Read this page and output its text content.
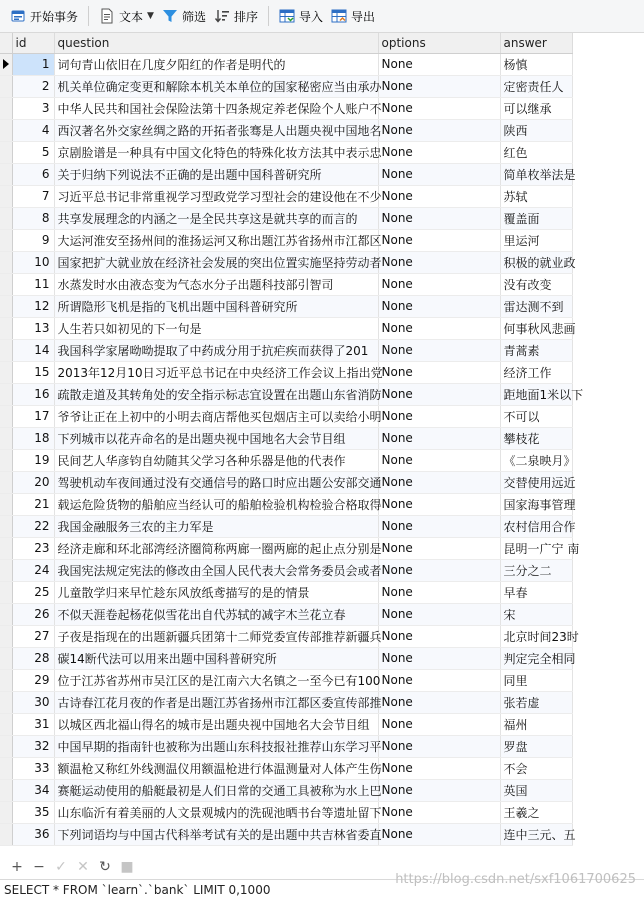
开始事务	文本 ▼ 筛选 排序	导入 导出
	id	question	options	answer

	1	词句青山依旧在几度夕阳红的作者是明代的	None	杨慎
	2	机关单位确定变更和解除本机关本单位的国家秘密应当由承办	None	定密责任人
	3	中华人民共和国社会保险法第十四条规定养老保险个人账户不	None	可以继承
	4	西汉著名外交家丝绸之路的开拓者张骞是人出题央视中国地名	None	陕西
	5	京剧脸谱是一种具有中国文化特色的特殊化妆方法其中表示忠	None	红色
	6	关于归纳下列说法不正确的是出题中国科普研究所	None	简单枚举法是
	7	习近平总书记非常重视学习型政党学习型社会的建设他在不少	None	苏轼
	8	共享发展理念的内涵之一是全民共享这是就共享的而言的	None	覆盖面
	9	大运河淮安至扬州间的淮扬运河又称出题江苏省扬州市江都区	None	里运河
	10	国家把扩大就业放在经济社会发展的突出位置实施坚持劳动者	None	积极的就业政
	11	水蒸发时水由液态变为气态水分子出题科技部引智司	None	没有改变
	12	所谓隐形飞机是指的飞机出题中国科普研究所	None	雷达测不到
	13	人生若只如初见的下一句是	None	何事秋风悲画
	14	我国科学家屠呦呦提取了中药成分用于抗疟疾而获得了201	None	青蒿素
	15	2013年12月10日习近平总书记在中央经济工作会议上指出党	None	经济工作
	16	疏散走道及其转角处的安全指示标志宜设置在出题山东省消防	None	距地面1米以下
	17	爷爷让正在上初中的小明去商店帮他买包烟店主可以卖给小明	None	不可以
	18	下列城市以花卉命名的是出题央视中国地名大会节目组	None	攀枝花
	19	民间艺人华彦钧自幼随其父学习各种乐器是他的代表作	None	《二泉映月》
	20	驾驶机动车夜间通过没有交通信号的路口时应出题公安部交通	None	交替使用远近
	21	载运危险货物的船舶应当经认可的船舶检验机构检验合格取得	None	国家海事管理
	22	我国金融服务三农的主力军是	None	农村信用合作
	23	经济走廊和环北部湾经济圈简称两廊一圈两廊的起止点分别是	None	昆明一广宁 南
	24	我国宪法规定宪法的修改由全国人民代表大会常务委员会或者	None	三分之二
	25	儿童散学归来早忙趁东风放纸鸢描写的是的情景	None	早春
	26	不似天涯卷起杨花似雪花出自代苏轼的减字木兰花立春	None	宋
	27	子夜是指现在的出题新疆兵团第十二师党委宣传部推荐新疆兵	None	北京时间23时
	28	碳14断代法可以用来出题中国科普研究所	None	判定完全相同
	29	位于江苏省苏州市吴江区的是江南六大名镇之一至今已有100	None	同里
	30	古诗春江花月夜的作者是出题江苏省扬州市江都区委宣传部推	None	张若虚
	31	以城区西北福山得名的城市是出题央视中国地名大会节目组	None	福州
	32	中国早期的指南针也被称为出题山东科技报社推荐山东学习平	None	罗盘
	33	额温枪又称红外线测温仪用额温枪进行体温测量对人体产生伤	None	不会
	34	赛艇运动使用的船艇最初是人们日常的交通工具被称为水上巴	None	英国
	35	山东临沂有着美丽的人文景观城内的洗砚池晒书台等遗址留下	None	王羲之
	36	下列词语均与中国古代科举考试有关的是出题中共吉林省委直	None	连中三元、五
+ − ✓ ✕ ↻ ■
SELECT * FROM `learn`.`bank` LIMIT 0,1000
https://blog.csdn.net/sxf1061700625
